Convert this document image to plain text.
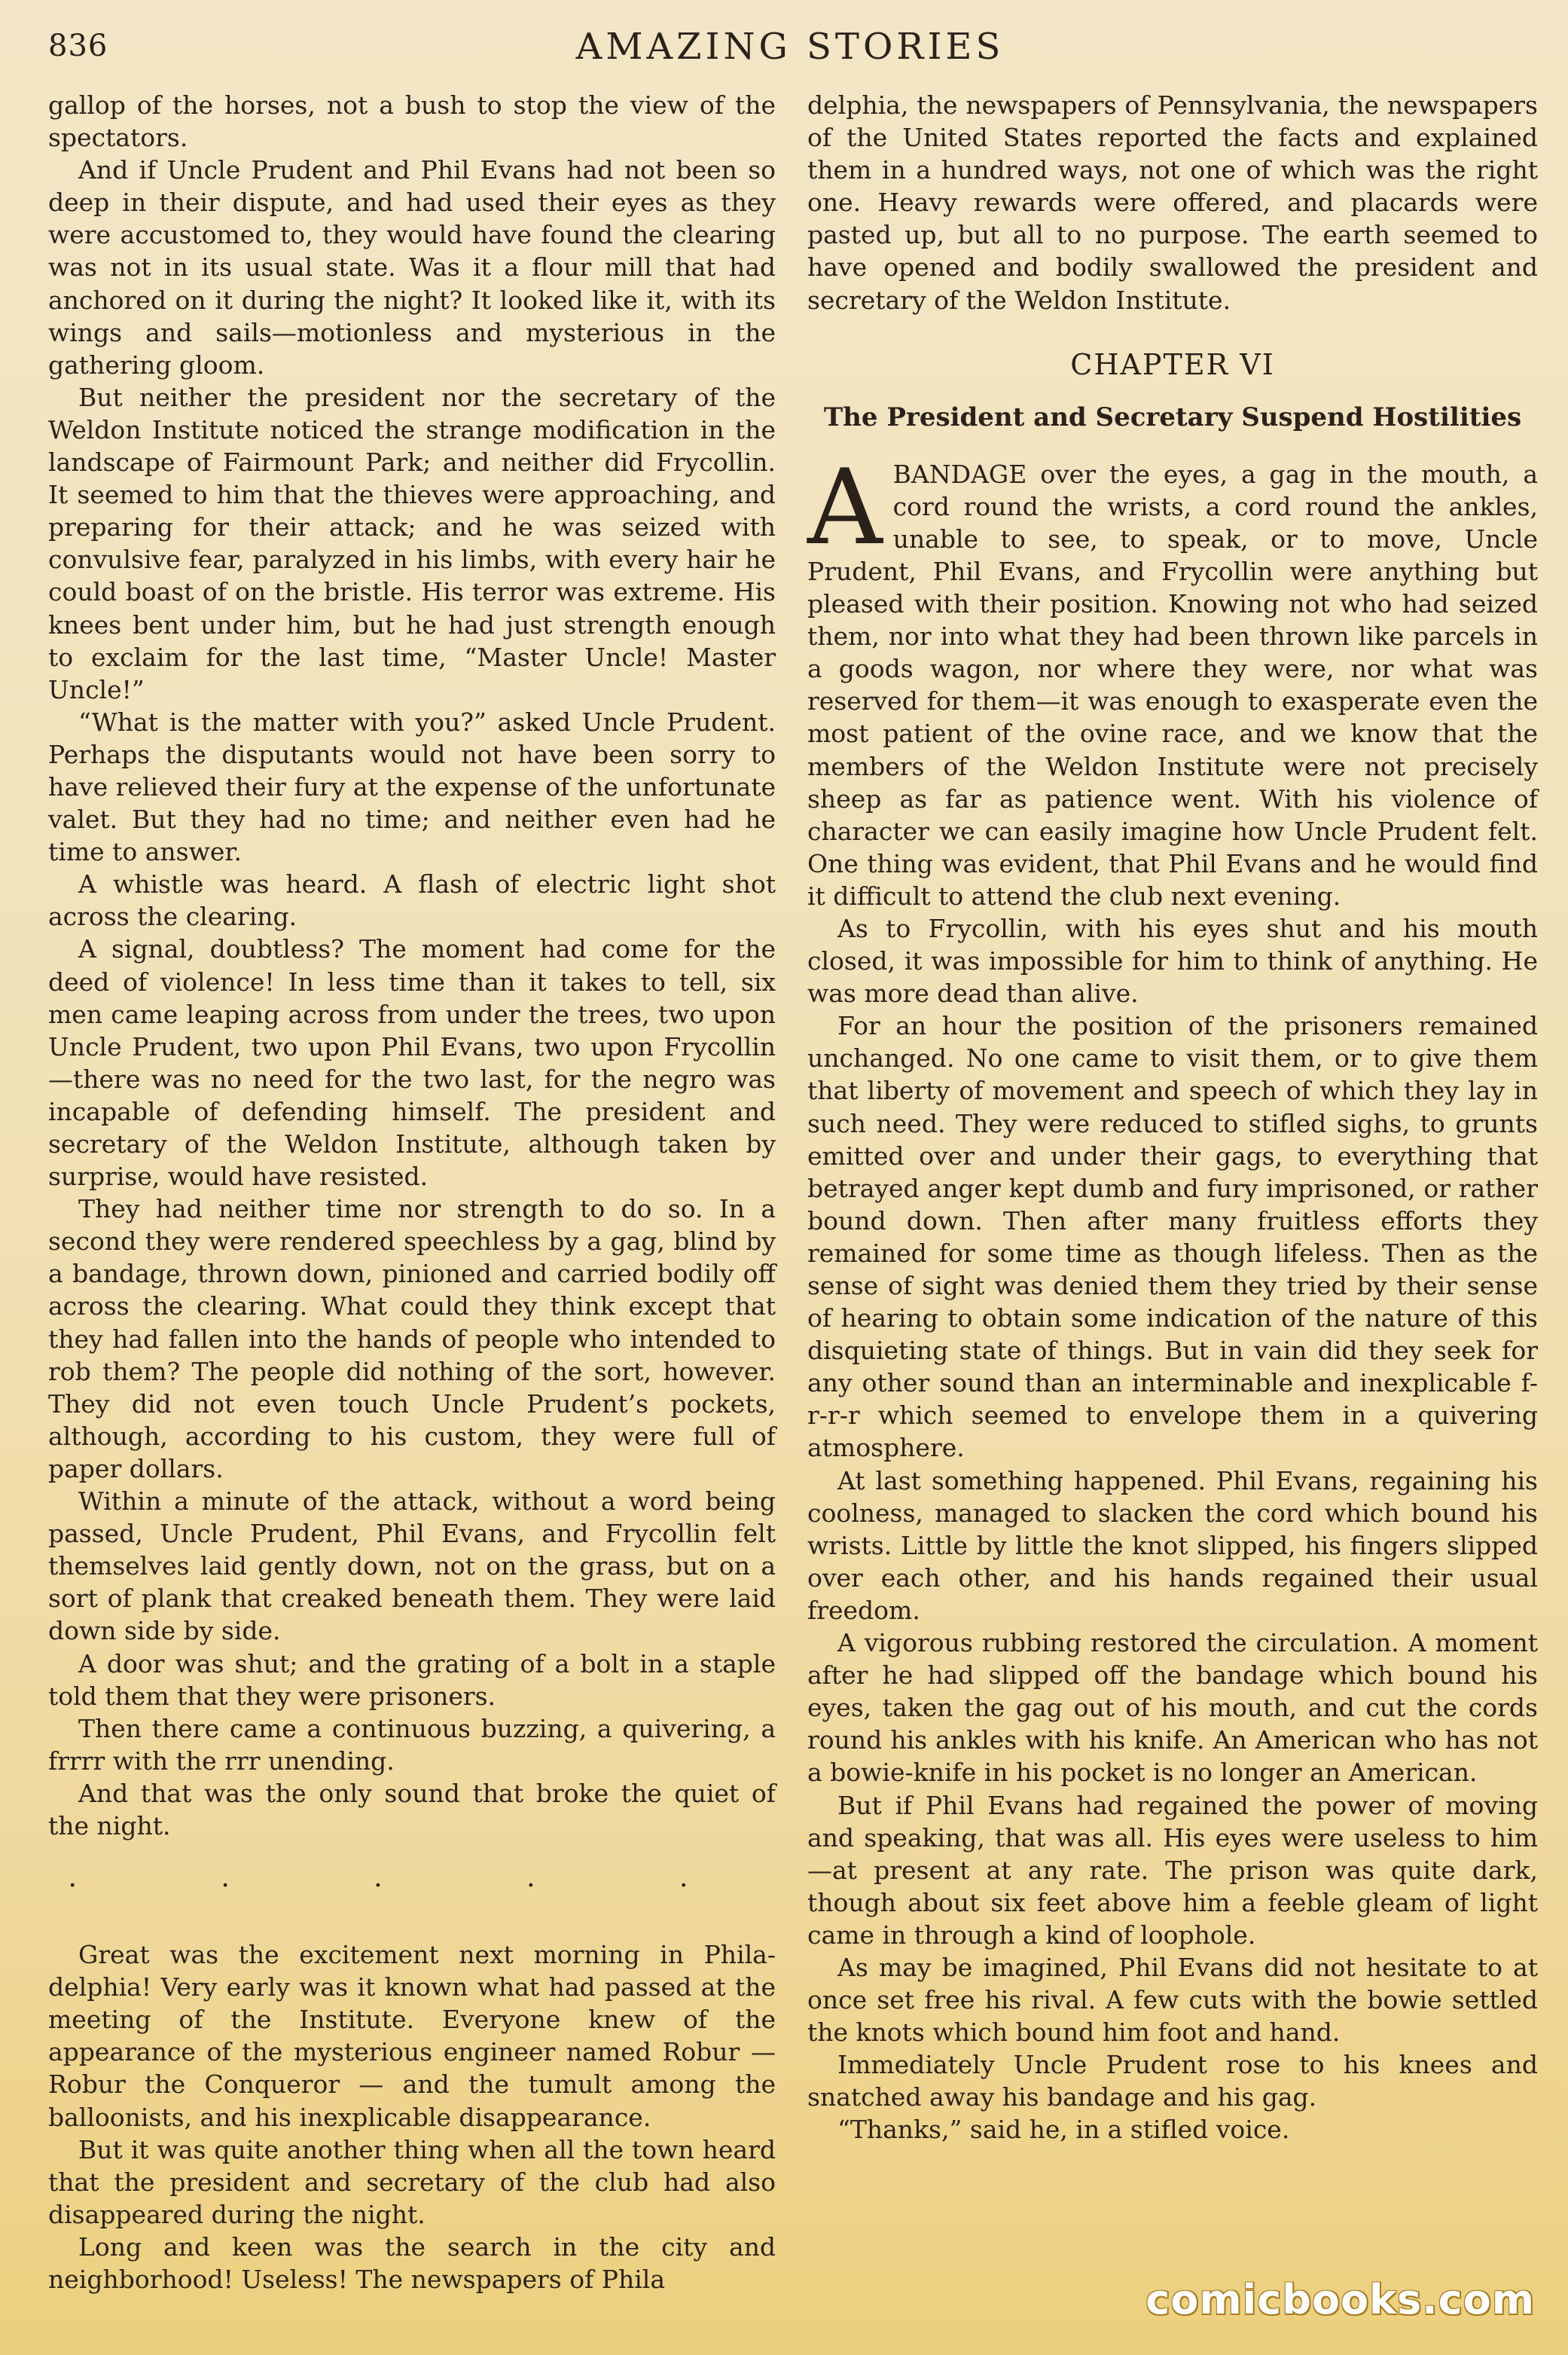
836	AMAZING STORIES

gallop of the horses, not a bush to stop the view of the spectators.

And if Uncle Prudent and Phil Evans had not been so deep in their dispute, and had used their eyes as they were accustomed to, they would have found the clearing was not in its usual state. Was it a flour mill that had anchored on it during the night? It looked like it, with its wings and sails—motionless and mysterious in the gathering gloom.

But neither the president nor the secretary of the Weldon Institute noticed the strange modification in the landscape of Fairmount Park; and neither did Frycollin. It seemed to him that the thieves were approaching, and preparing for their attack; and he was seized with convulsive fear, paralyzed in his limbs, with every hair he could boast of on the bristle. His terror was extreme. His knees bent under him, but he had just strength enough to exclaim for the last time, “Master Uncle! Master Uncle!”

“What is the matter with you?” asked Uncle Prudent. Perhaps the disputants would not have been sorry to have relieved their fury at the expense of the unfortunate valet. But they had no time; and neither even had he time to answer.

A whistle was heard. A flash of electric light shot across the clearing.

A signal, doubtless? The moment had come for the deed of violence! In less time than it takes to tell, six men came leaping across from under the trees, two upon Uncle Prudent, two upon Phil Evans, two upon Frycollin—there was no need for the two last, for the negro was incapable of defending himself. The president and secretary of the Weldon Institute, although taken by surprise, would have resisted.

They had neither time nor strength to do so. In a second they were rendered speechless by a gag, blind by a bandage, thrown down, pinioned and carried bodily off across the clearing. What could they think except that they had fallen into the hands of people who intended to rob them? The people did nothing of the sort, however. They did not even touch Uncle Prudent’s pockets, although, according to his custom, they were full of paper dollars.

Within a minute of the attack, without a word being passed, Uncle Prudent, Phil Evans, and Frycollin felt themselves laid gently down, not on the grass, but on a sort of plank that creaked beneath them. They were laid down side by side.

A door was shut; and the grating of a bolt in a staple told them that they were prisoners.

Then there came a continuous buzzing, a quivering, a frrrr with the rrr unending.

And that was the only sound that broke the quiet of the night.

. . . . .

Great was the excitement next morning in Philadelphia! Very early was it known what had passed at the meeting of the Institute. Everyone knew of the appearance of the mysterious engineer named Robur — Robur the Conqueror — and the tumult among the balloonists, and his inexplicable disappearance.

But it was quite another thing when all the town heard that the president and secretary of the club had also disappeared during the night.

Long and keen was the search in the city and neighborhood! Useless! The newspapers of Phila

delphia, the newspapers of Pennsylvania, the newspapers of the United States reported the facts and explained them in a hundred ways, not one of which was the right one. Heavy rewards were offered, and placards were pasted up, but all to no purpose. The earth seemed to have opened and bodily swallowed the president and secretary of the Weldon Institute.

CHAPTER VI
The President and Secretary Suspend Hostilities

ABANDAGE over the eyes, a gag in the mouth, a cord round the wrists, a cord round the ankles, unable to see, to speak, or to move, Uncle Prudent, Phil Evans, and Frycollin were anything but pleased with their position. Knowing not who had seized them, nor into what they had been thrown like parcels in a goods wagon, nor where they were, nor what was reserved for them—it was enough to exasperate even the most patient of the ovine race, and we know that the members of the Weldon Institute were not precisely sheep as far as patience went. With his violence of character we can easily imagine how Uncle Prudent felt. One thing was evident, that Phil Evans and he would find it difficult to attend the club next evening.

As to Frycollin, with his eyes shut and his mouth closed, it was impossible for him to think of anything. He was more dead than alive.

For an hour the position of the prisoners remained unchanged. No one came to visit them, or to give them that liberty of movement and speech of which they lay in such need. They were reduced to stifled sighs, to grunts emitted over and under their gags, to everything that betrayed anger kept dumb and fury imprisoned, or rather bound down. Then after many fruitless efforts they remained for some time as though lifeless. Then as the sense of sight was denied them they tried by their sense of hearing to obtain some indication of the nature of this disquieting state of things. But in vain did they seek for any other sound than an interminable and inexplicable f-r-r-r which seemed to envelope them in a quivering atmosphere.

At last something happened. Phil Evans, regaining his coolness, managed to slacken the cord which bound his wrists. Little by little the knot slipped, his fingers slipped over each other, and his hands regained their usual freedom.

A vigorous rubbing restored the circulation. A moment after he had slipped off the bandage which bound his eyes, taken the gag out of his mouth, and cut the cords round his ankles with his knife. An American who has not a bowie-knife in his pocket is no longer an American.

But if Phil Evans had regained the power of moving and speaking, that was all. His eyes were useless to him—at present at any rate. The prison was quite dark, though about six feet above him a feeble gleam of light came in through a kind of loophole.

As may be imagined, Phil Evans did not hesitate to at once set free his rival. A few cuts with the bowie settled the knots which bound him foot and hand.

Immediately Uncle Prudent rose to his knees and snatched away his bandage and his gag.

“Thanks,” said he, in a stifled voice.

comicbooks.com
